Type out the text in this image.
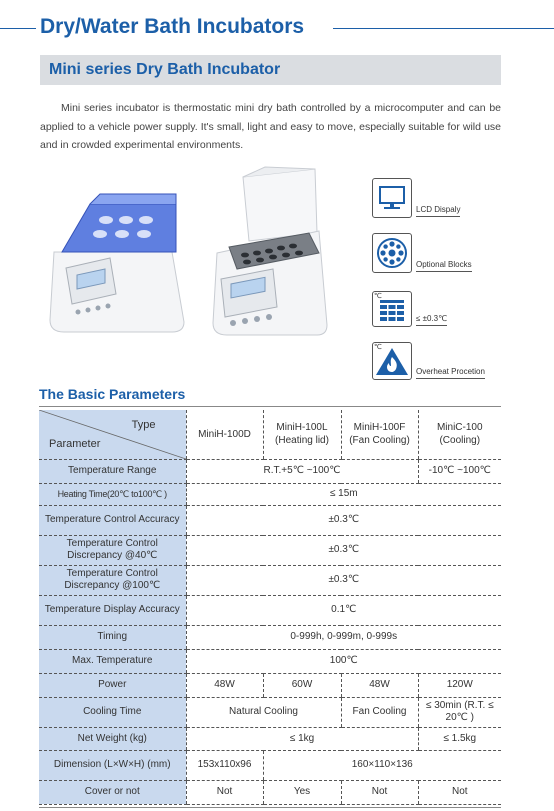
Dry/Water Bath Incubators
Mini series Dry Bath Incubator

Mini series incubator is thermostatic mini dry bath controlled by a microcomputer and can be applied to a vehicle power supply. It's small, light and easy to move, especially suitable for wild use and in crowded experimental environments.

LCD Dispaly
Optional Blocks
℃
≤ ±0.3℃
℃
Overheat Procetion
The Basic Parameters
Type
Parameter	MiniH-100D	MiniH-100L (Heating lid)	MiniH-100F (Fan Cooling)	MiniC-100 (Cooling)
Temperature Range	R.T.+5℃ ~100℃			-10℃ ~100℃
Heating Time(20℃ to100℃ )	≤ 15m			
Temperature Control Accuracy	±0.3℃			
Temperature Control Discrepancy @40℃	±0.3℃			
Temperature Control Discrepancy @100℃	±0.3℃			
Temperature Display Accuracy	0.1℃			
Timing	0-999h, 0-999m, 0-999s			
Max. Temperature	100℃			
Power	48W	60W	48W	120W
Cooling Time	Natural Cooling		Fan Cooling	≤ 30min (R.T. ≤ 20℃ )
Net Weight (kg)	≤ 1kg			≤ 1.5kg
Dimension (L×W×H) (mm)	153x110x96	160×110×136		
Cover or not	Not	Yes	Not	Not
